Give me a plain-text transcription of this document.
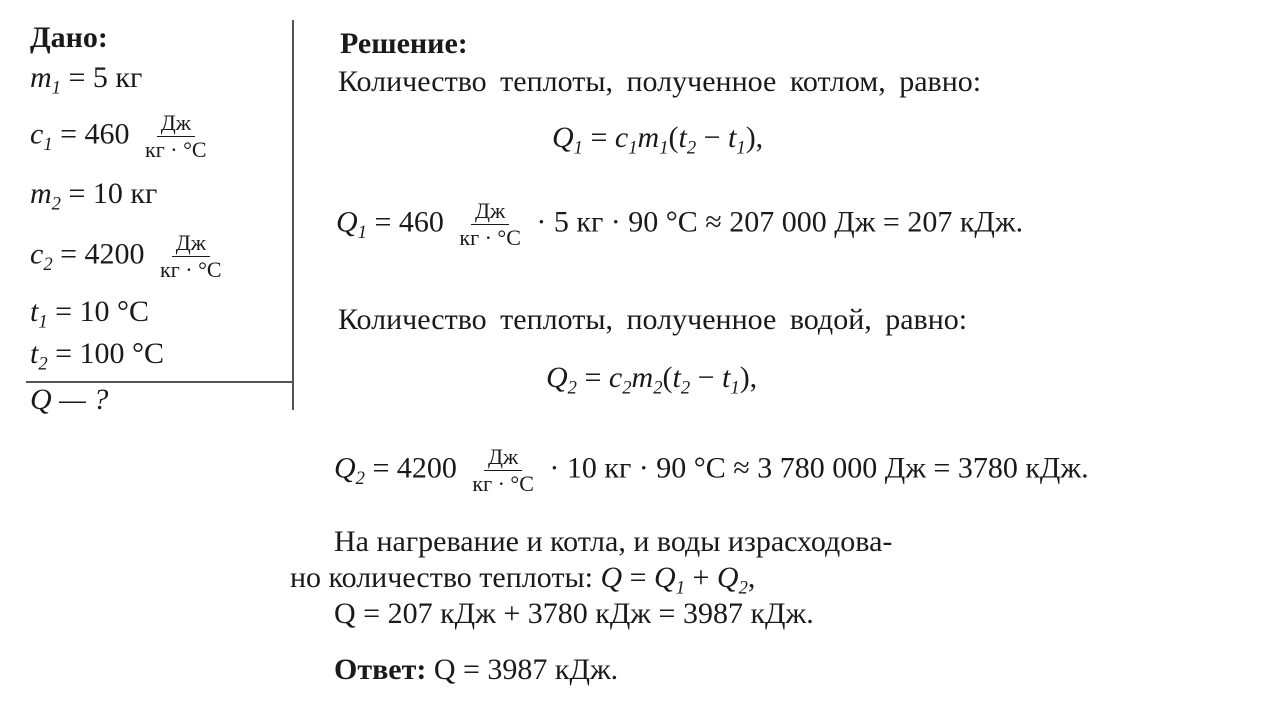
Дано:
$m_1 = 5$ кг
$c_1 = 460 \frac{Дж}{кг \cdot ^\circ С}$
$m_2 = 10$ кг
$c_2 = 4200 \frac{Дж}{кг \cdot ^\circ С}$
$t_1 = 10$ °С
$t_2 = 100$ °С
Q — ?
Решение:
Количество теплоты, полученное котлом, равно:
$Q_1 = c_1m_1(t_2 - t_1)$,
$Q_1 = 460 \frac{Дж}{кг \cdot ^\circ С} \cdot 5$ кг · 90 °С ≈ 207 000 Дж = 207 кДж.
Количество теплоты, полученное водой, равно:
$Q_2 = c_2m_2(t_2 - t_1)$,
$Q_2 = 4200 \frac{Дж}{кг \cdot ^\circ С} \cdot 10$ кг · 90 °С ≈ 3 780 000 Дж = 3780 кДж.
На нагревание и котла, и воды израсходова-
но количество теплоты: $Q = Q_1 + Q_2$,
Q = 207 кДж + 3780 кДж = 3987 кДж.
Ответ: Q = 3987 кДж.
